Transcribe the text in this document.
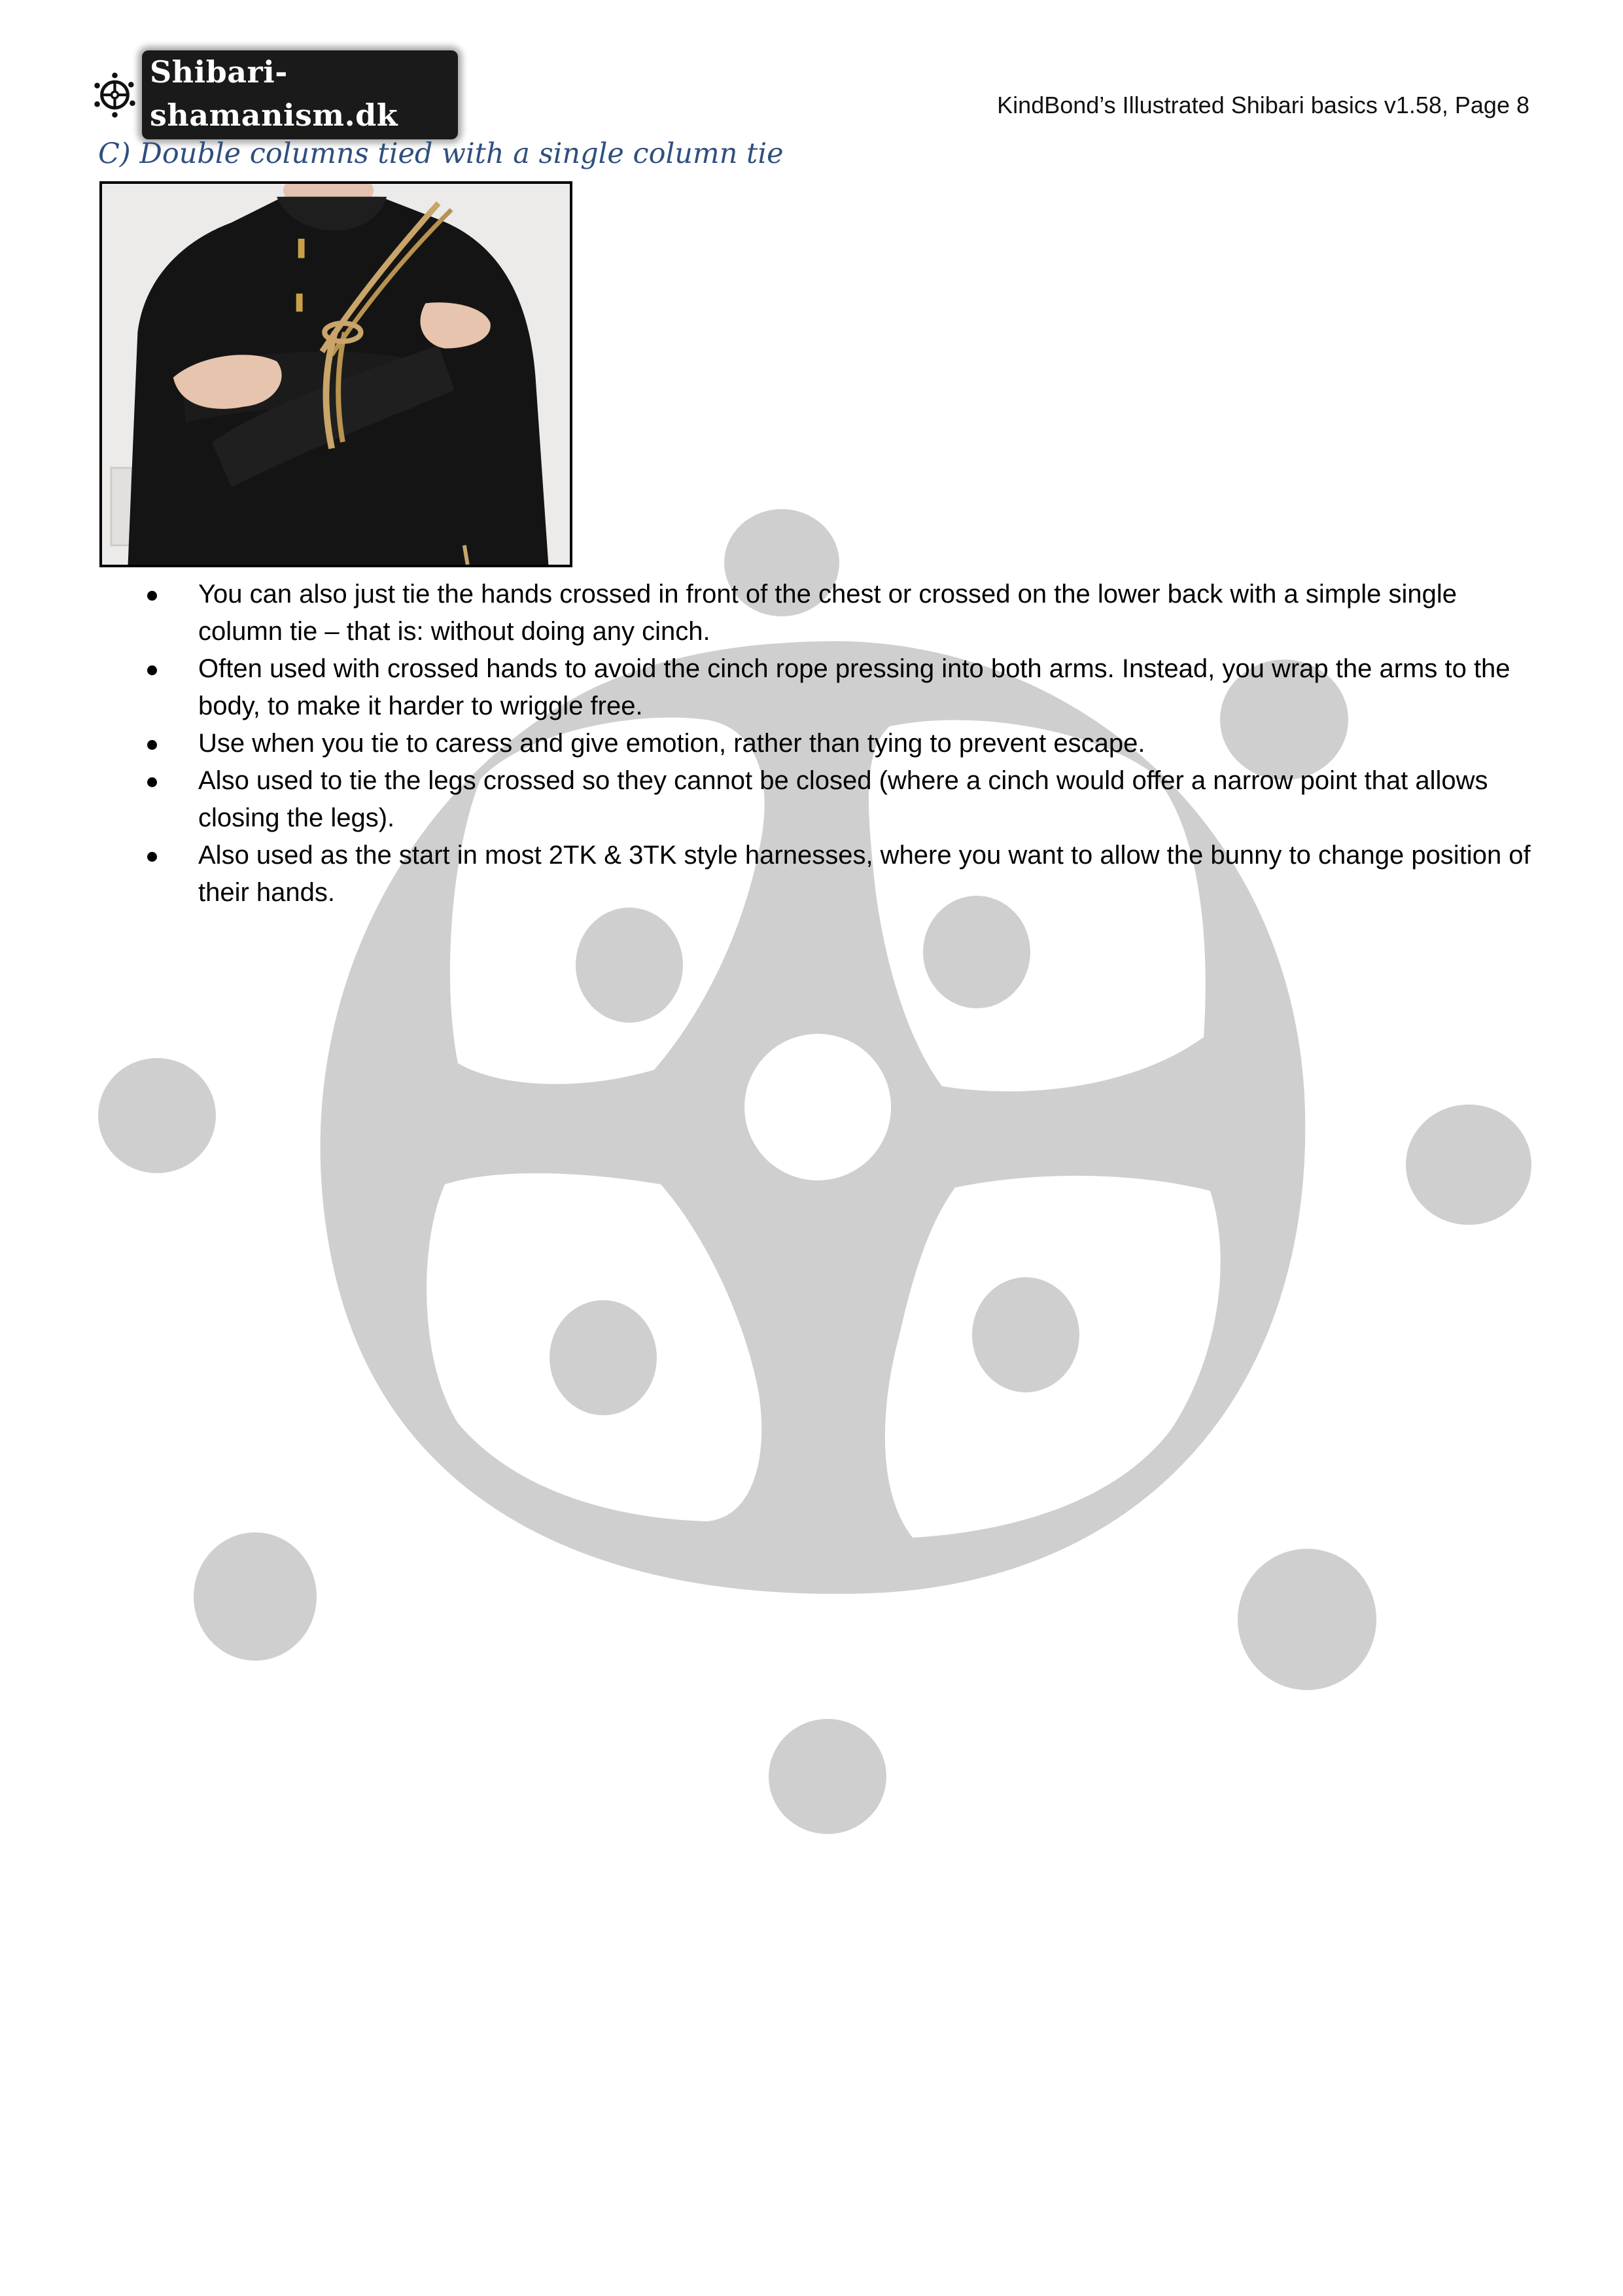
Shibari-shamanism.dk	KindBond’s Illustrated Shibari basics v1.58, Page 8
C) Double columns tied with a single column tie
You can also just tie the hands crossed in front of the chest or crossed on the lower back with a simple single column tie – that is: without doing any cinch.
Often used with crossed hands to avoid the cinch rope pressing into both arms. Instead, you wrap the arms to the body, to make it harder to wriggle free.
Use when you tie to caress and give emotion, rather than tying to prevent escape.
Also used to tie the legs crossed so they cannot be closed (where a cinch would offer a narrow point that allows closing the legs).
Also used as the start in most 2TK & 3TK style harnesses, where you want to allow the bunny to change position of their hands.
